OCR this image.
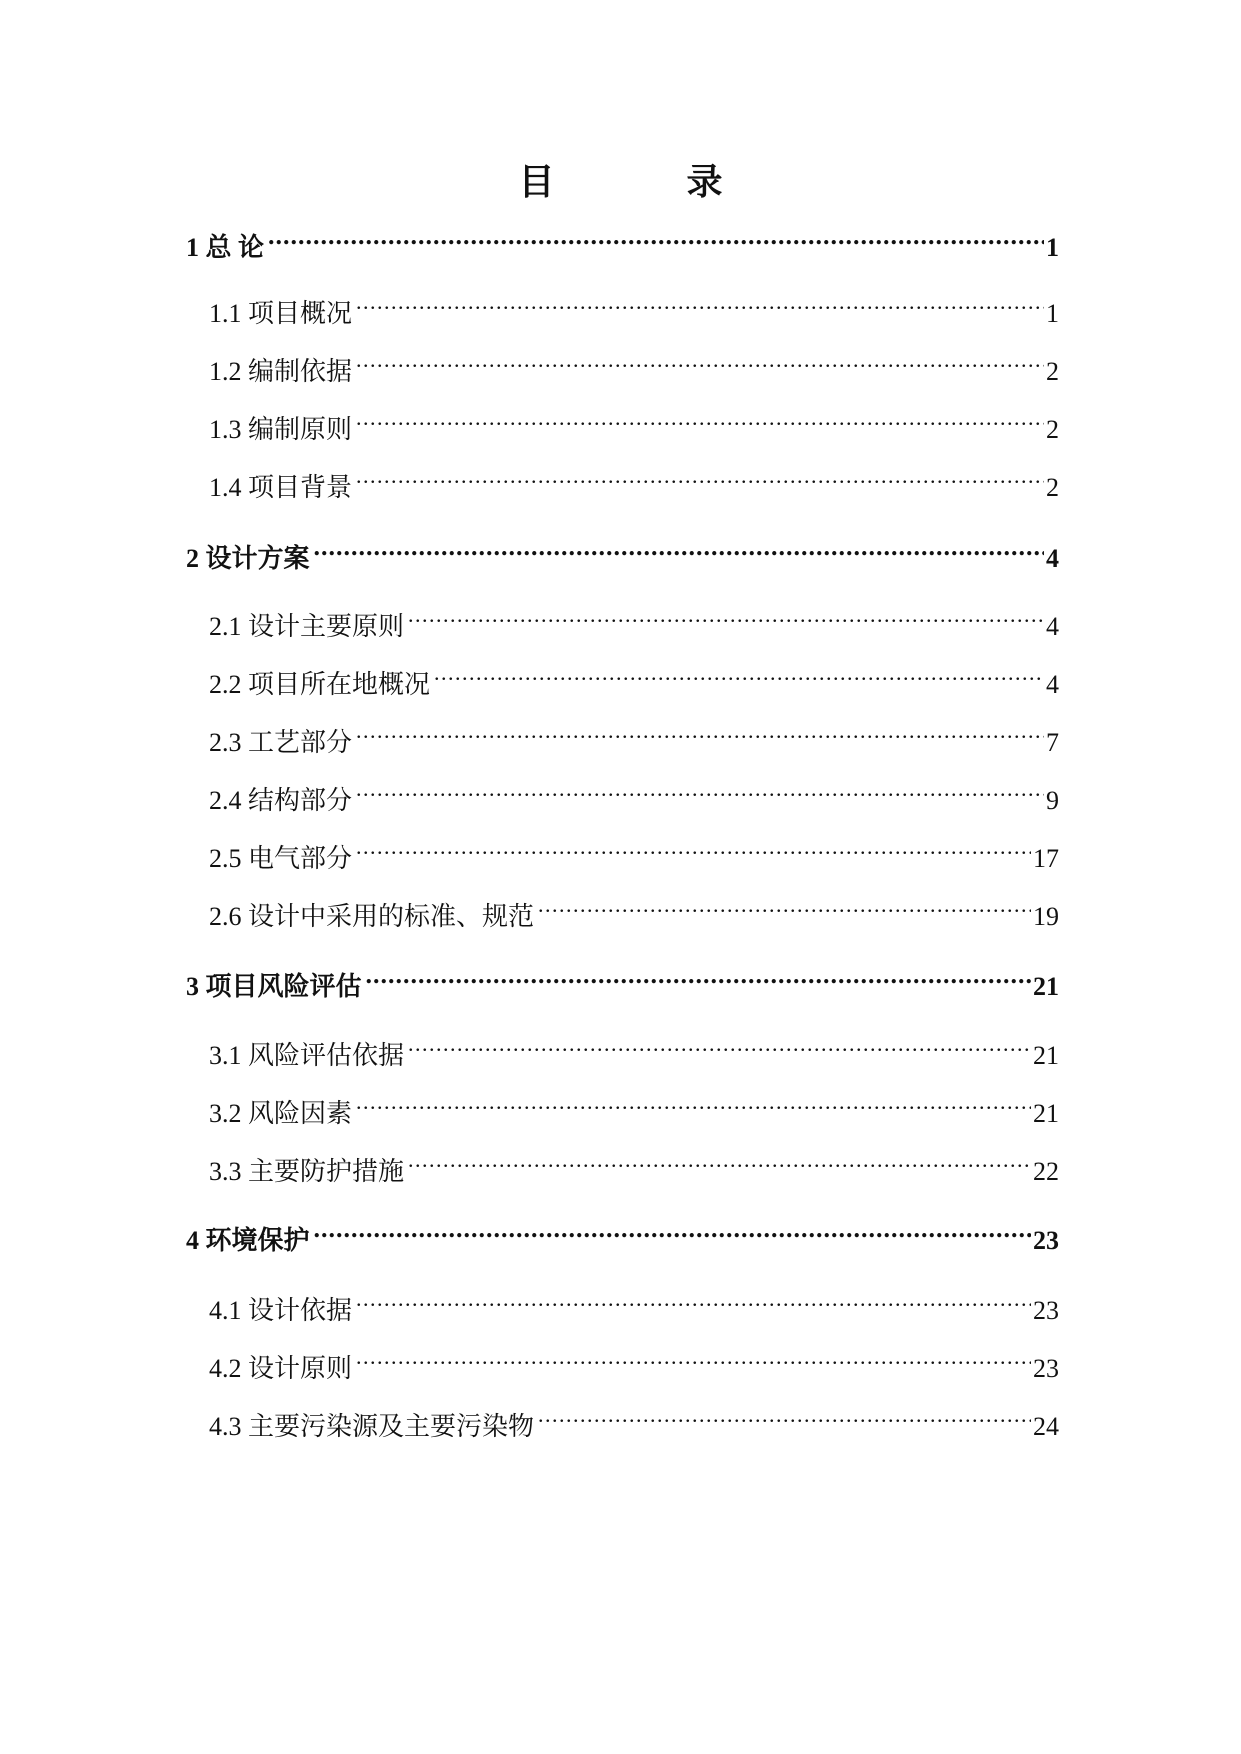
目　录
1 总 论 .....	1
1.1 项目概况 .....	1
1.2 编制依据 .....	2
1.3 编制原则 .....	2
1.4 项目背景 .....	2
2 设计方案 .....	4
2.1 设计主要原则 .....	4
2.2 项目所在地概况 .....	4
2.3 工艺部分 .....	7
2.4 结构部分 .....	9
2.5 电气部分 .....	17
2.6 设计中采用的标准、规范 .....	19
3 项目风险评估 .....	21
3.1 风险评估依据 .....	21
3.2 风险因素 .....	21
3.3 主要防护措施 .....	22
4 环境保护 .....	23
4.1 设计依据 .....	23
4.2 设计原则 .....	23
4.3 主要污染源及主要污染物 .....	24
